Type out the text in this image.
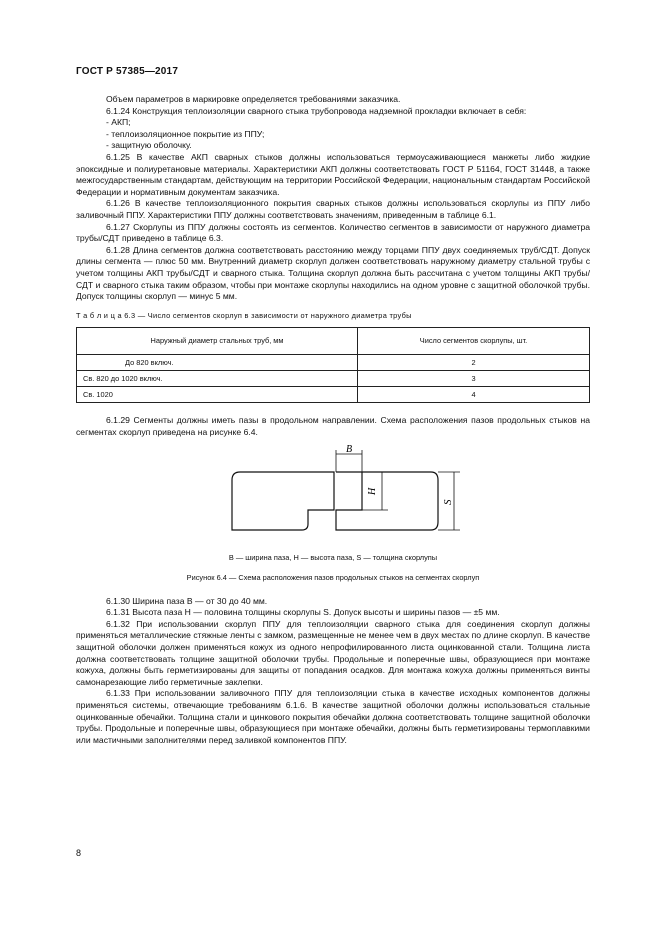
ГОСТ Р 57385—2017

Объем параметров в маркировке определяется требованиями заказчика.

6.1.24 Конструкция теплоизоляции сварного стыка трубопровода надземной прокладки включает в себя:

- АКП;

- теплоизоляционное покрытие из ППУ;

- защитную оболочку.

6.1.25 В качестве АКП сварных стыков должны использоваться термоусаживающиеся манжеты либо жидкие эпоксидные и полиуретановые материалы. Характеристики АКП должны соответствовать ГОСТ Р 51164, ГОСТ 31448, а также межгосударственным стандартам, действующим на территории Российской Федерации, национальным стандартам Российской Федерации и нормативным документам заказчика.

6.1.26 В качестве теплоизоляционного покрытия сварных стыков должны использоваться скорлупы из ППУ либо заливочный ППУ. Характеристики ППУ должны соответствовать значениям, приведенным в таблице 6.1.

6.1.27 Скорлупы из ППУ должны состоять из сегментов. Количество сегментов в зависимости от наружного диаметра трубы/СДТ приведено в таблице 6.3.

6.1.28 Длина сегментов должна соответствовать расстоянию между торцами ППУ двух соединяемых труб/СДТ. Допуск длины сегмента — плюс 50 мм. Внутренний диаметр скорлуп должен соответствовать наружному диаметру стальной трубы с учетом толщины АКП трубы/СДТ и сварного стыка. Толщина скорлуп должна быть рассчитана с учетом толщины АКП трубы/СДТ и сварного стыка таким образом, чтобы при монтаже скорлупы находились на одном уровне с защитной оболочкой трубы. Допуск толщины скорлуп — минус 5 мм.

Т а б л и ц а 6.3 — Число сегментов скорлуп в зависимости от наружного диаметра трубы
Наружный диаметр стальных труб, мм	Число сегментов скорлупы, шт.
До 820 включ.	2
Св. 820 до 1020 включ.	3
Св. 1020	4

6.1.29 Сегменты должны иметь пазы в продольном направлении. Схема расположения пазов продольных стыков на сегментах скорлуп приведена на рисунке 6.4.

B
H
S
B — ширина паза, H — высота паза, S — толщина скорлупы
Рисунок 6.4 — Схема расположения пазов продольных стыков на сегментах скорлуп

6.1.30 Ширина паза B — от 30 до 40 мм.

6.1.31 Высота паза H — половина толщины скорлупы S. Допуск высоты и ширины пазов — ±5 мм.

6.1.32 При использовании скорлуп ППУ для теплоизоляции сварного стыка для соединения скорлуп должны применяться металлические стяжные ленты с замком, размещенные не менее чем в двух местах по длине скорлуп. В качестве защитной оболочки должен применяться кожух из одного непрофилированного листа оцинкованной стали. Толщина листа должна соответствовать толщине защитной оболочки трубы. Продольные и поперечные швы, образующиеся при монтаже кожуха, должны быть герметизированы для защиты от попадания осадков. Для монтажа кожуха должны применяться винты самонарезающие либо герметичные заклепки.

6.1.33 При использовании заливочного ППУ для теплоизоляции стыка в качестве исходных компонентов должны применяться системы, отвечающие требованиям 6.1.6. В качестве защитной оболочки должны использоваться стальные оцинкованные обечайки. Толщина стали и цинкового покрытия обечайки должна соответствовать толщине защитной оболочки трубы. Продольные и поперечные швы, образующиеся при монтаже обечайки, должны быть герметизированы термоплавкими или мастичными заполнителями перед заливкой компонентов ППУ.

8
